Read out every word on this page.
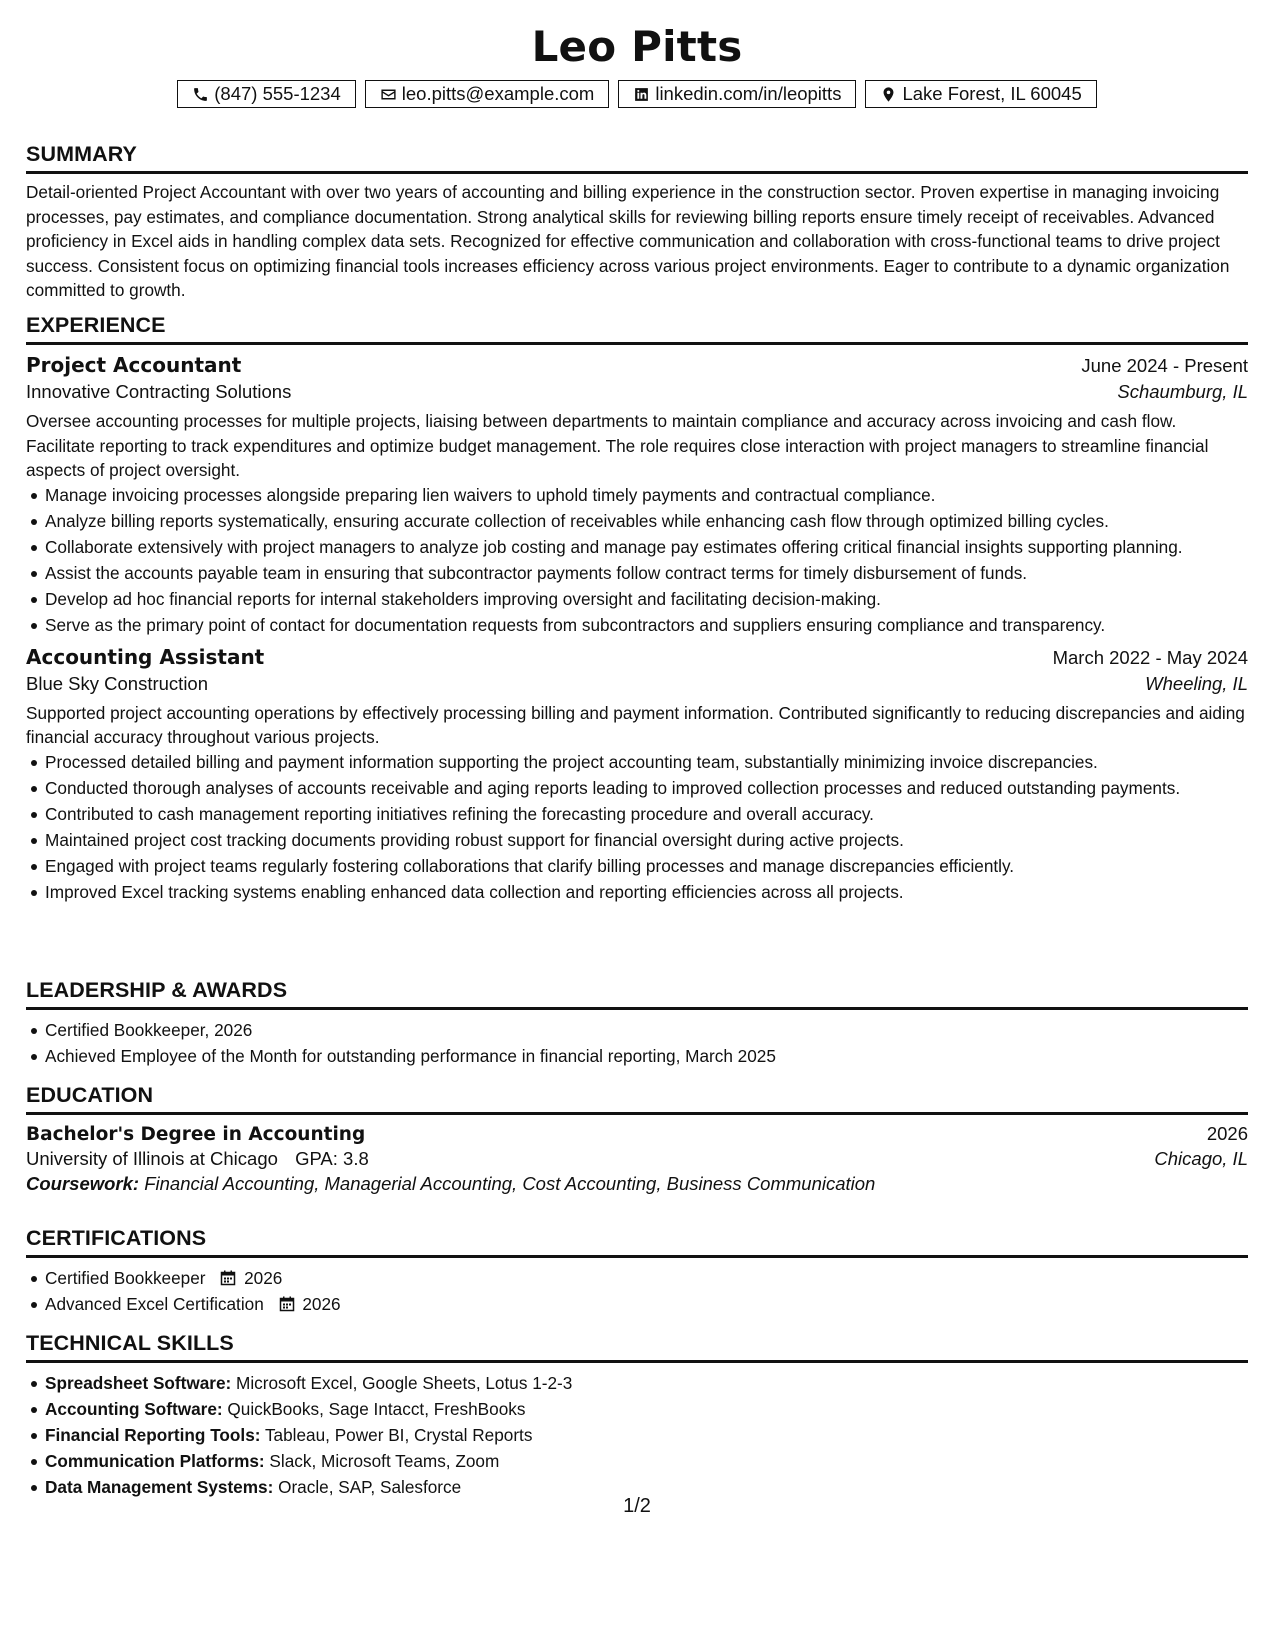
Leo Pitts
(847) 555-1234	leo.pitts@example.com	linkedin.com/in/leopitts	Lake Forest, IL 60045
SUMMARY

Detail-oriented Project Accountant with over two years of accounting and billing experience in the construction sector. Proven expertise in managing invoicing processes, pay estimates, and compliance documentation. Strong analytical skills for reviewing billing reports ensure timely receipt of receivables. Advanced proficiency in Excel aids in handling complex data sets. Recognized for effective communication and collaboration with cross-functional teams to drive project success. Consistent focus on optimizing financial tools increases efficiency across various project environments. Eager to contribute to a dynamic organization committed to growth.

EXPERIENCE
Project Accountant	June 2024 - Present
Innovative Contracting Solutions	Schaumburg, IL

Oversee accounting processes for multiple projects, liaising between departments to maintain compliance and accuracy across invoicing and cash flow. Facilitate reporting to track expenditures and optimize budget management. The role requires close interaction with project managers to streamline financial aspects of project oversight.

Manage invoicing processes alongside preparing lien waivers to uphold timely payments and contractual compliance.
Analyze billing reports systematically, ensuring accurate collection of receivables while enhancing cash flow through optimized billing cycles.
Collaborate extensively with project managers to analyze job costing and manage pay estimates offering critical financial insights supporting planning.
Assist the accounts payable team in ensuring that subcontractor payments follow contract terms for timely disbursement of funds.
Develop ad hoc financial reports for internal stakeholders improving oversight and facilitating decision-making.
Serve as the primary point of contact for documentation requests from subcontractors and suppliers ensuring compliance and transparency.
Accounting Assistant	March 2022 - May 2024
Blue Sky Construction	Wheeling, IL

Supported project accounting operations by effectively processing billing and payment information. Contributed significantly to reducing discrepancies and aiding financial accuracy throughout various projects.

Processed detailed billing and payment information supporting the project accounting team, substantially minimizing invoice discrepancies.
Conducted thorough analyses of accounts receivable and aging reports leading to improved collection processes and reduced outstanding payments.
Contributed to cash management reporting initiatives refining the forecasting procedure and overall accuracy.
Maintained project cost tracking documents providing robust support for financial oversight during active projects.
Engaged with project teams regularly fostering collaborations that clarify billing processes and manage discrepancies efficiently.
Improved Excel tracking systems enabling enhanced data collection and reporting efficiencies across all projects.
LEADERSHIP & AWARDS
Certified Bookkeeper, 2026
Achieved Employee of the Month for outstanding performance in financial reporting, March 2025
EDUCATION
Bachelor's Degree in Accounting	2026
University of Illinois at Chicago GPA: 3.8	Chicago, IL
Coursework: Financial Accounting, Managerial Accounting, Cost Accounting, Business Communication
CERTIFICATIONS
Certified Bookkeeper 2026
Advanced Excel Certification 2026
TECHNICAL SKILLS
Spreadsheet Software: Microsoft Excel, Google Sheets, Lotus 1-2-3
Accounting Software: QuickBooks, Sage Intacct, FreshBooks
Financial Reporting Tools: Tableau, Power BI, Crystal Reports
Communication Platforms: Slack, Microsoft Teams, Zoom
Data Management Systems: Oracle, SAP, Salesforce
1/2
